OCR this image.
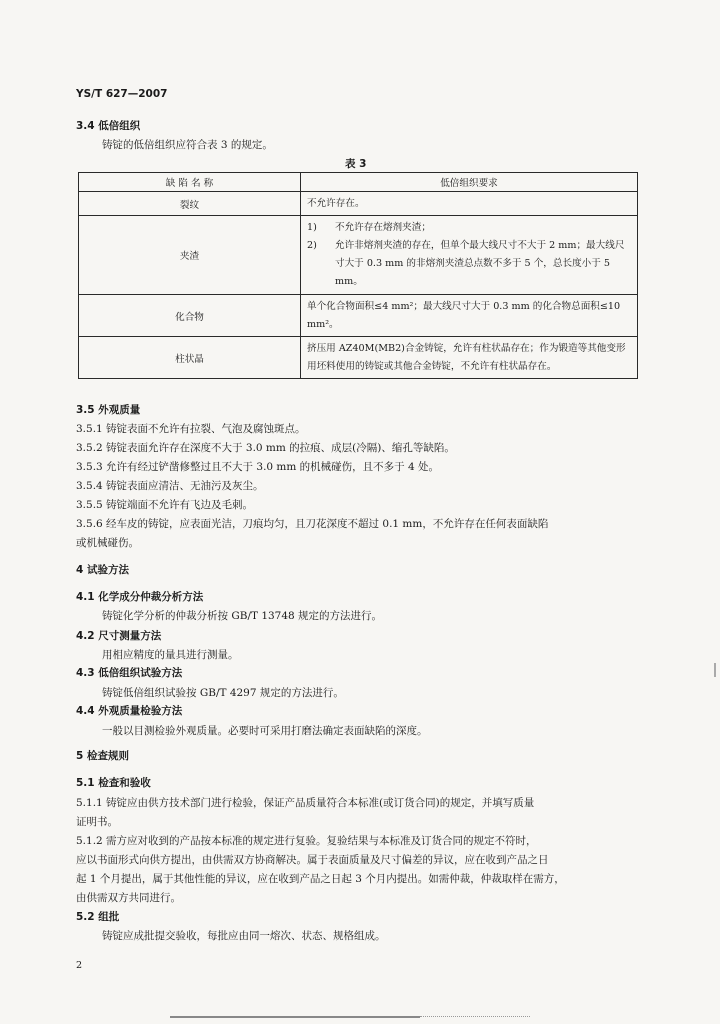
YS/T 627—2007
3.4 低倍组织
铸锭的低倍组织应符合表 3 的规定。
表 3
缺 陷 名 称	低倍组织要求
裂纹	不允许存在。
夹渣	1) 不允许存在熔剂夹渣；
2) 允许非熔剂夹渣的存在，但单个最大线尺寸不大于 2 mm；最大线尺寸大于 0.3 mm 的非熔剂夹渣总点数不多于 5 个，总长度小于 5 mm。

化合物	单个化合物面积≤4 mm²；最大线尺寸大于 0.3 mm 的化合物总面积≤10 mm²。
柱状晶	挤压用 AZ40M(MB2)合金铸锭，允许有柱状晶存在；作为锻造等其他变形用坯料使用的铸锭或其他合金铸锭，不允许有柱状晶存在。
3.5 外观质量
3.5.1 铸锭表面不允许有拉裂、气泡及腐蚀斑点。
3.5.2 铸锭表面允许存在深度不大于 3.0 mm 的拉痕、成层(冷隔)、缩孔等缺陷。
3.5.3 允许有经过铲凿修整过且不大于 3.0 mm 的机械碰伤，且不多于 4 处。
3.5.4 铸锭表面应清洁、无油污及灰尘。
3.5.5 铸锭端面不允许有飞边及毛刺。
3.5.6 经车皮的铸锭，应表面光洁，刀痕均匀，且刀花深度不超过 0.1 mm，不允许存在任何表面缺陷
或机械碰伤。
4 试验方法
4.1 化学成分仲裁分析方法
铸锭化学分析的仲裁分析按 GB/T 13748 规定的方法进行。
4.2 尺寸测量方法
用相应精度的量具进行测量。
4.3 低倍组织试验方法
铸锭低倍组织试验按 GB/T 4297 规定的方法进行。
4.4 外观质量检验方法
一般以目测检验外观质量。必要时可采用打磨法确定表面缺陷的深度。
5 检查规则
5.1 检查和验收
5.1.1 铸锭应由供方技术部门进行检验，保证产品质量符合本标准(或订货合同)的规定，并填写质量
证明书。
5.1.2 需方应对收到的产品按本标准的规定进行复验。复验结果与本标准及订货合同的规定不符时，
应以书面形式向供方提出，由供需双方协商解决。属于表面质量及尺寸偏差的异议，应在收到产品之日
起 1 个月提出，属于其他性能的异议，应在收到产品之日起 3 个月内提出。如需仲裁，仲裁取样在需方，
由供需双方共同进行。
5.2 组批
铸锭应成批提交验收，每批应由同一熔次、状态、规格组成。
2
